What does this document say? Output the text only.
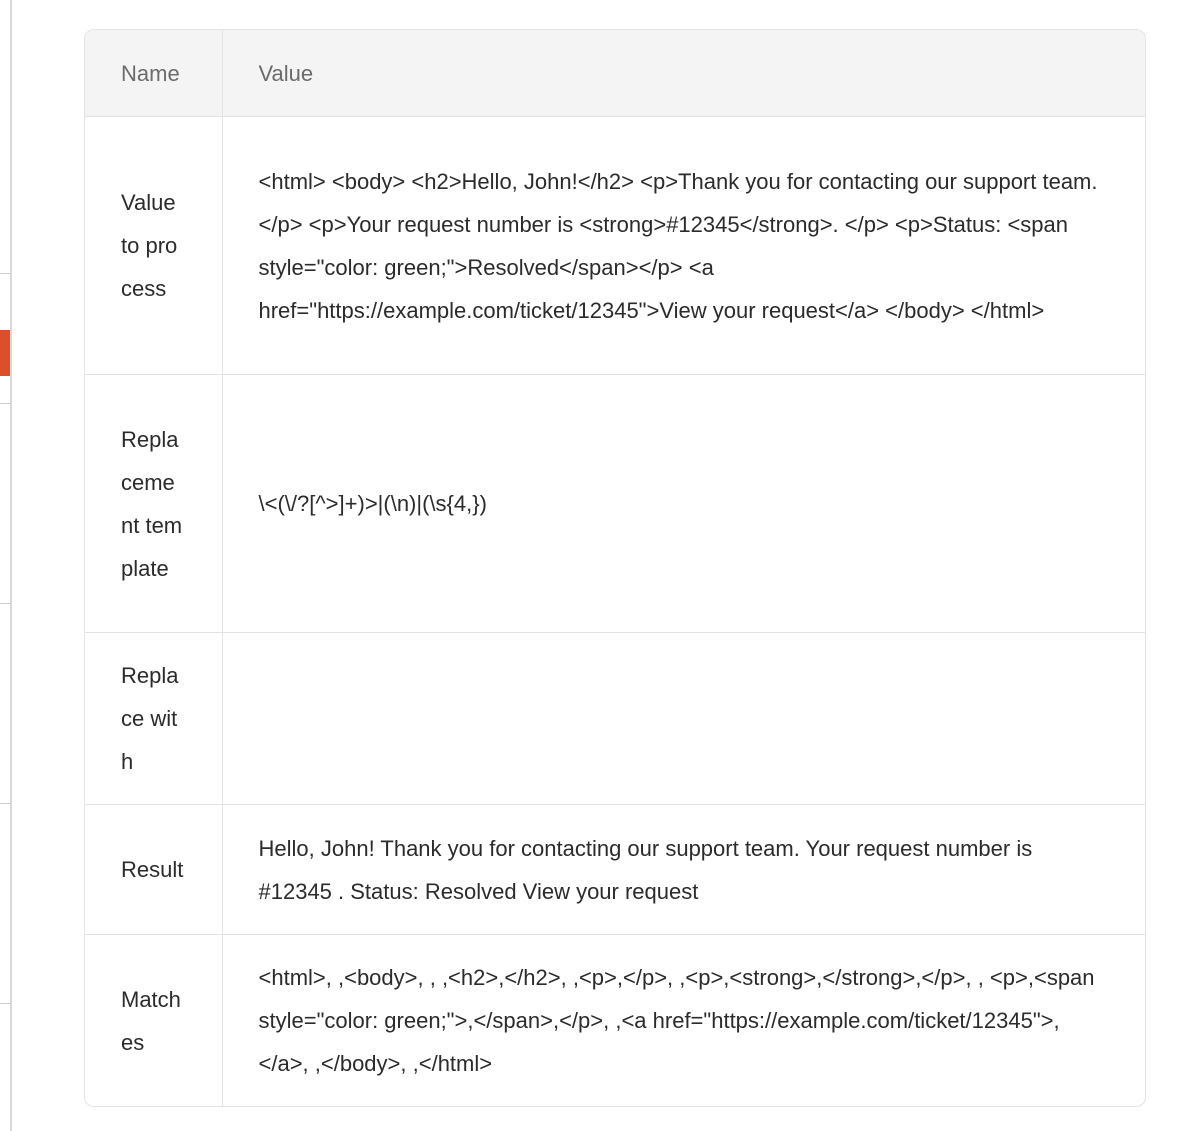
Name	Value
Value to process	<html> <body> <h2>Hello, John!</h2> <p>Thank you for contacting our support team.</p> <p>Your request number is <strong>#12345</strong>. </p> <p>Status: <span style="color: green;">Resolved</span></p> <a href="https://example.com/ticket/12345">View your request</a> </body> </html>
Replacement template	\<(\/?[^>]+)>|(\n)|(\s{4,})
Replace with	
Result	Hello, John! Thank you for contacting our support team. Your request number is #12345 . Status: Resolved View your request
Matches	<html>, ,<body>, , ,<h2>,</h2>, ,<p>,</p>, ,<p>,<strong>,</strong>,</p>, , <p>,<span style="color: green;">,</span>,</p>, ,<a href="https://example.com/ticket/12345">,</a>, ,</body>, ,</html>
